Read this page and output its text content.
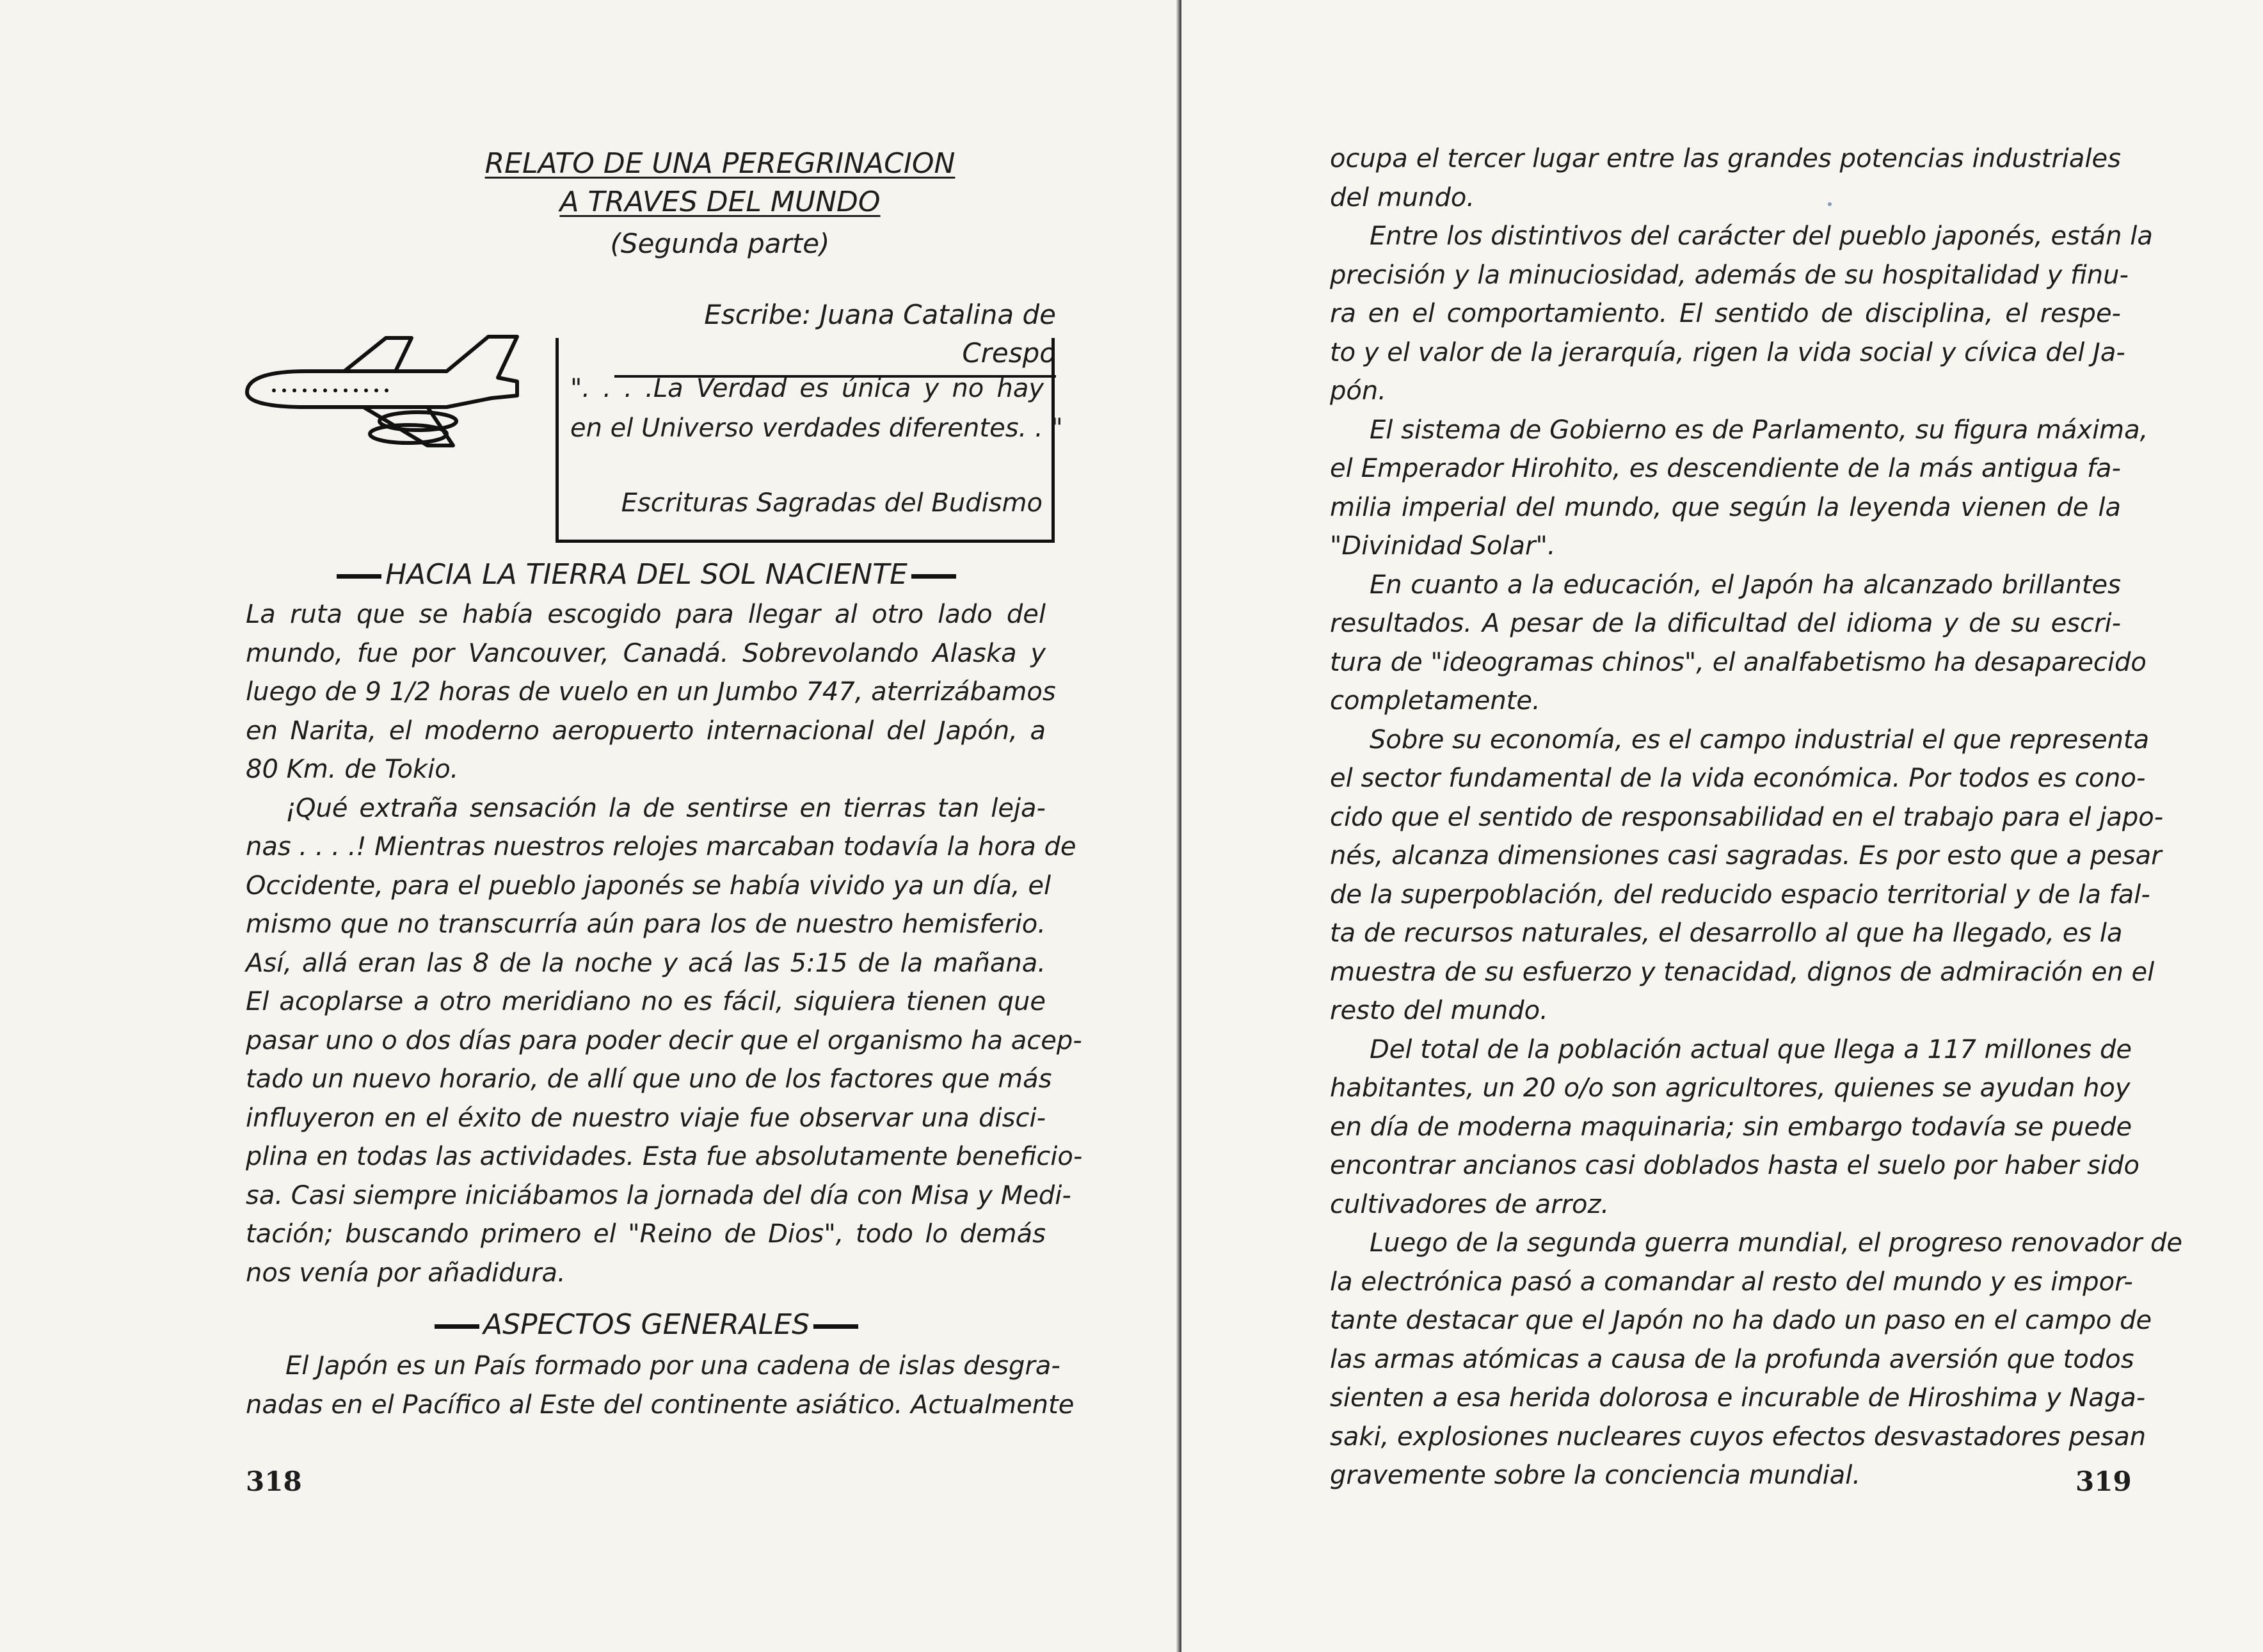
RELATO DE UNA PEREGRINACION
A TRAVES DEL MUNDO
(Segunda parte)
Escribe: Juana Catalina de Crespo
". . . .La Verdad es única y no hay
en el Universo verdades diferentes. . "
Escrituras Sagradas del Budismo
HACIA LA TIERRA DEL SOL NACIENTE
La ruta que se había escogido para llegar al otro lado del
mundo, fue por Vancouver, Canadá. Sobrevolando Alaska y
luego de 9 1/2 horas de vuelo en un Jumbo 747, aterrizábamos
en Narita, el moderno aeropuerto internacional del Japón, a
80 Km. de Tokio.
¡Qué extraña sensación la de sentirse en tierras tan leja-
nas . . . .! Mientras nuestros relojes marcaban todavía la hora de
Occidente, para el pueblo japonés se había vivido ya un día, el
mismo que no transcurría aún para los de nuestro hemisferio.
Así, allá eran las 8 de la noche y acá las 5:15 de la mañana.
El acoplarse a otro meridiano no es fácil, siquiera tienen que
pasar uno o dos días para poder decir que el organismo ha acep-
tado un nuevo horario, de allí que uno de los factores que más
influyeron en el éxito de nuestro viaje fue observar una disci-
plina en todas las actividades. Esta fue absolutamente beneficio-
sa. Casi siempre iniciábamos la jornada del día con Misa y Medi-
tación; buscando primero el "Reino de Dios", todo lo demás
nos venía por añadidura.
ASPECTOS GENERALES
El Japón es un País formado por una cadena de islas desgra-
nadas en el Pacífico al Este del continente asiático. Actualmente
318
ocupa el tercer lugar entre las grandes potencias industriales
del mundo.
Entre los distintivos del carácter del pueblo japonés, están la
precisión y la minuciosidad, además de su hospitalidad y finu-
ra en el comportamiento. El sentido de disciplina, el respe-
to y el valor de la jerarquía, rigen la vida social y cívica del Ja-
pón.
El sistema de Gobierno es de Parlamento, su figura máxima,
el Emperador Hirohito, es descendiente de la más antigua fa-
milia imperial del mundo, que según la leyenda vienen de la
"Divinidad Solar".
En cuanto a la educación, el Japón ha alcanzado brillantes
resultados. A pesar de la dificultad del idioma y de su escri-
tura de "ideogramas chinos", el analfabetismo ha desaparecido
completamente.
Sobre su economía, es el campo industrial el que representa
el sector fundamental de la vida económica. Por todos es cono-
cido que el sentido de responsabilidad en el trabajo para el japo-
nés, alcanza dimensiones casi sagradas. Es por esto que a pesar
de la superpoblación, del reducido espacio territorial y de la fal-
ta de recursos naturales, el desarrollo al que ha llegado, es la
muestra de su esfuerzo y tenacidad, dignos de admiración en el
resto del mundo.
Del total de la población actual que llega a 117 millones de
habitantes, un 20 o/o son agricultores, quienes se ayudan hoy
en día de moderna maquinaria; sin embargo todavía se puede
encontrar ancianos casi doblados hasta el suelo por haber sido
cultivadores de arroz.
Luego de la segunda guerra mundial, el progreso renovador de
la electrónica pasó a comandar al resto del mundo y es impor-
tante destacar que el Japón no ha dado un paso en el campo de
las armas atómicas a causa de la profunda aversión que todos
sienten a esa herida dolorosa e incurable de Hiroshima y Naga-
saki, explosiones nucleares cuyos efectos desvastadores pesan
gravemente sobre la conciencia mundial.	319
